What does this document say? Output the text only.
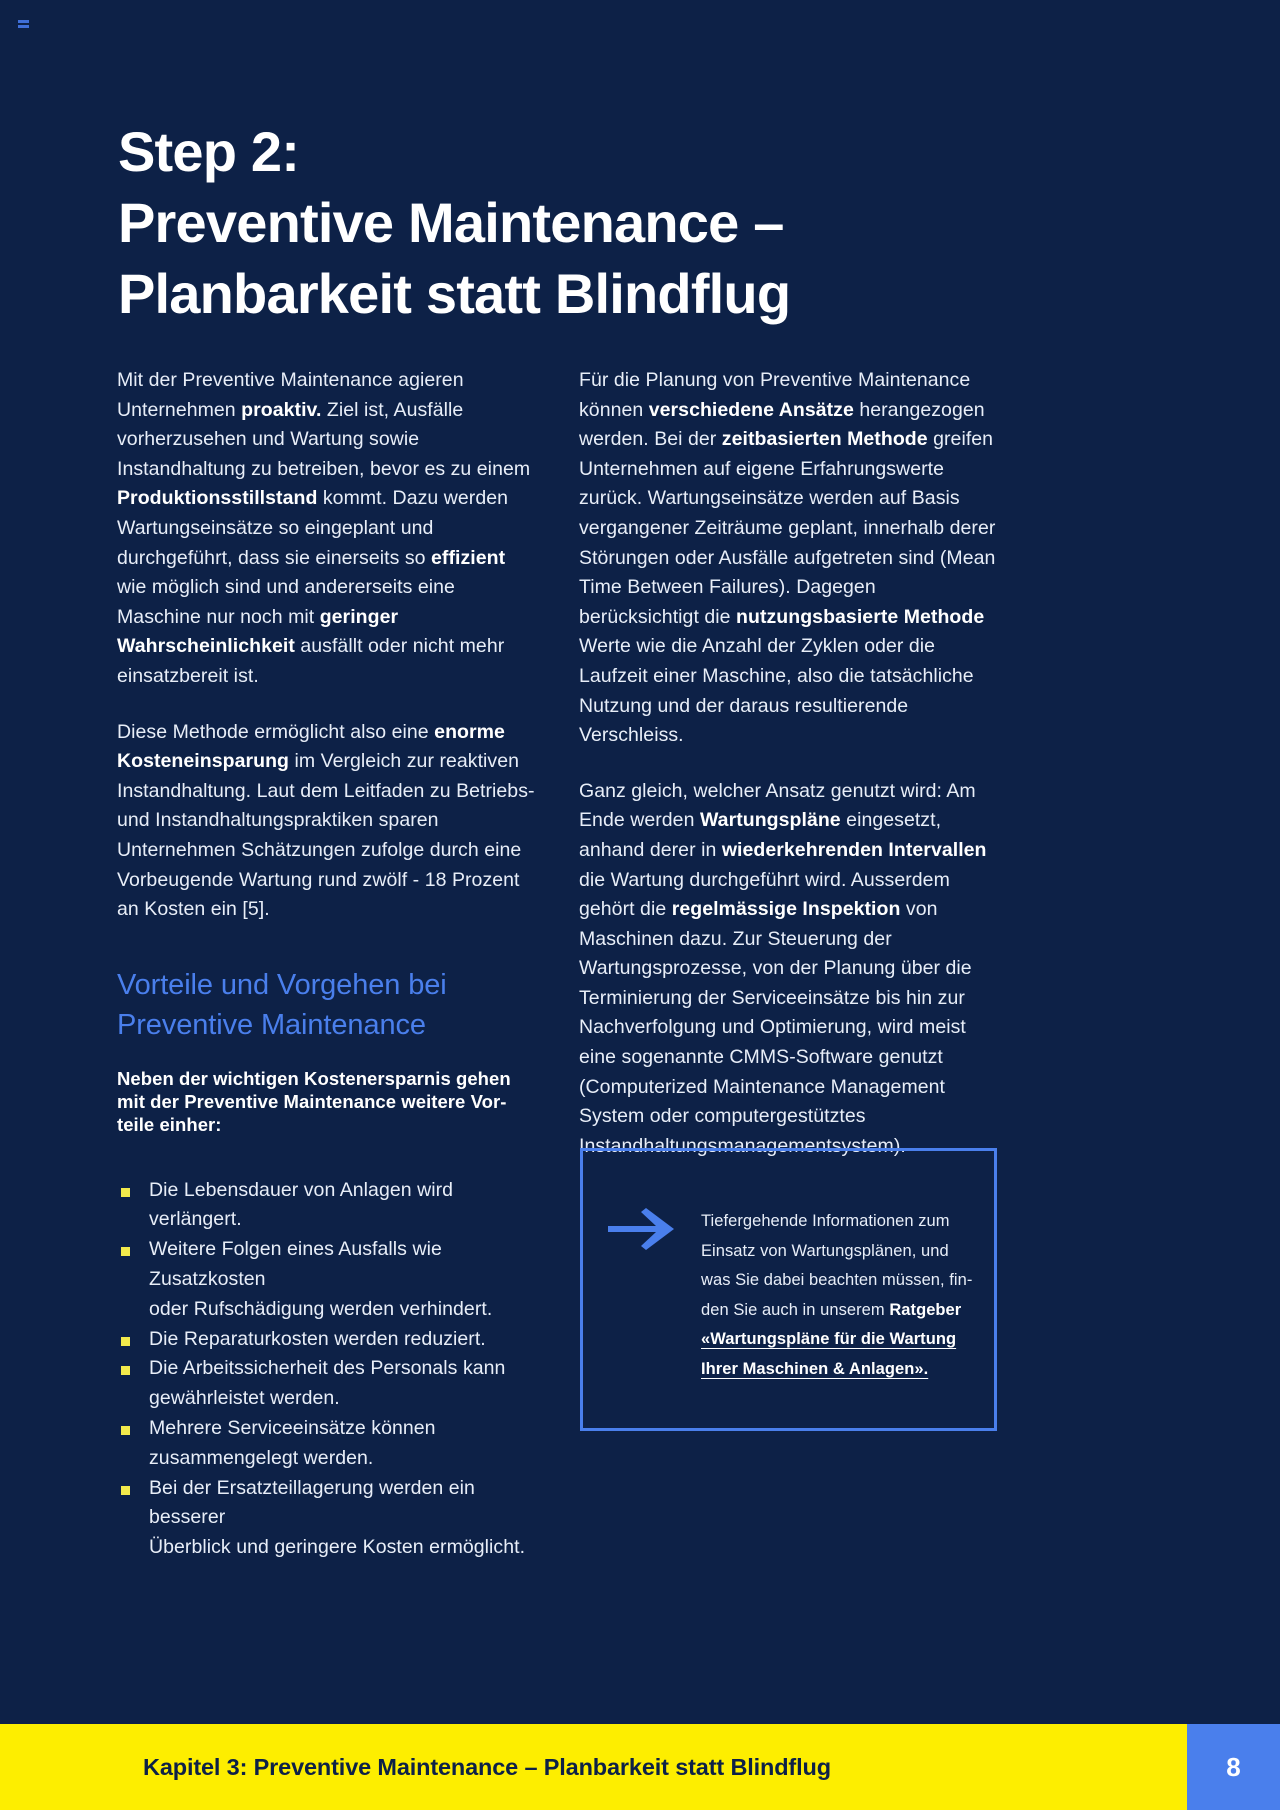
Step 2:
Preventive Maintenance –
Planbarkeit statt Blindflug

Mit der Preventive Maintenance agieren Unternehmen proaktiv. Ziel ist, Ausfälle vorherzusehen und Wartung sowie Instandhaltung zu betreiben, bevor es zu einem Produktionsstillstand kommt. Dazu werden Wartungseinsätze so eingeplant und durchgeführt, dass sie einerseits so effizient wie möglich sind und andererseits eine Maschine nur noch mit geringer Wahrscheinlichkeit ausfällt oder nicht mehr einsatzbereit ist.

Diese Methode ermöglicht also eine enorme Kosteneinsparung im Vergleich zur reaktiven Instandhaltung. Laut dem Leitfaden zu Betriebs- und Instandhaltungspraktiken sparen Unternehmen Schätzungen zufolge durch eine Vorbeugende Wartung rund zwölf - 18 Prozent an Kosten ein [5].

Vorteile und Vorgehen bei
Preventive Maintenance
Neben der wichtigen Kostenersparnis gehen
mit der Preventive Maintenance weitere Vor-
teile einher:
Die Lebensdauer von Anlagen wird verlängert.
Weitere Folgen eines Ausfalls wie Zusatzkosten
oder Rufschädigung werden verhindert.
Die Reparaturkosten werden reduziert.
Die Arbeitssicherheit des Personals kann
gewährleistet werden.
Mehrere Serviceeinsätze können
zusammengelegt werden.
Bei der Ersatzteillagerung werden ein besserer
Überblick und geringere Kosten ermöglicht.

Für die Planung von Preventive Maintenance können verschiedene Ansätze herangezogen werden. Bei der zeitbasierten Methode greifen Unternehmen auf eigene Erfahrungswerte zurück. Wartungseinsätze werden auf Basis vergangener Zeiträume geplant, innerhalb derer Störungen oder Ausfälle aufgetreten sind (Mean Time Between Failures). Dagegen berücksichtigt die nutzungsbasierte Methode Werte wie die Anzahl der Zyklen oder die Laufzeit einer Maschine, also die tatsächliche Nutzung und der daraus resultierende Verschleiss.

Ganz gleich, welcher Ansatz genutzt wird: Am Ende werden Wartungspläne eingesetzt, anhand derer in wiederkehrenden Intervallen die Wartung durchgeführt wird. Ausserdem gehört die regelmässige Inspektion von Maschinen dazu. Zur Steuerung der Wartungsprozesse, von der Planung über die Terminierung der Serviceeinsätze bis hin zur Nachverfolgung und Optimierung, wird meist eine sogenannte CMMS-Software genutzt (Computerized Maintenance Management System oder computergestütztes Instandhaltungsmanagementsystem).

Tiefergehende Informationen zum
Einsatz von Wartungsplänen, und
was Sie dabei beachten müssen, fin-
den Sie auch in unserem Ratgeber
«Wartungspläne für die Wartung
Ihrer Maschinen & Anlagen».
Kapitel 3: Preventive Maintenance – Planbarkeit statt Blindflug	8
